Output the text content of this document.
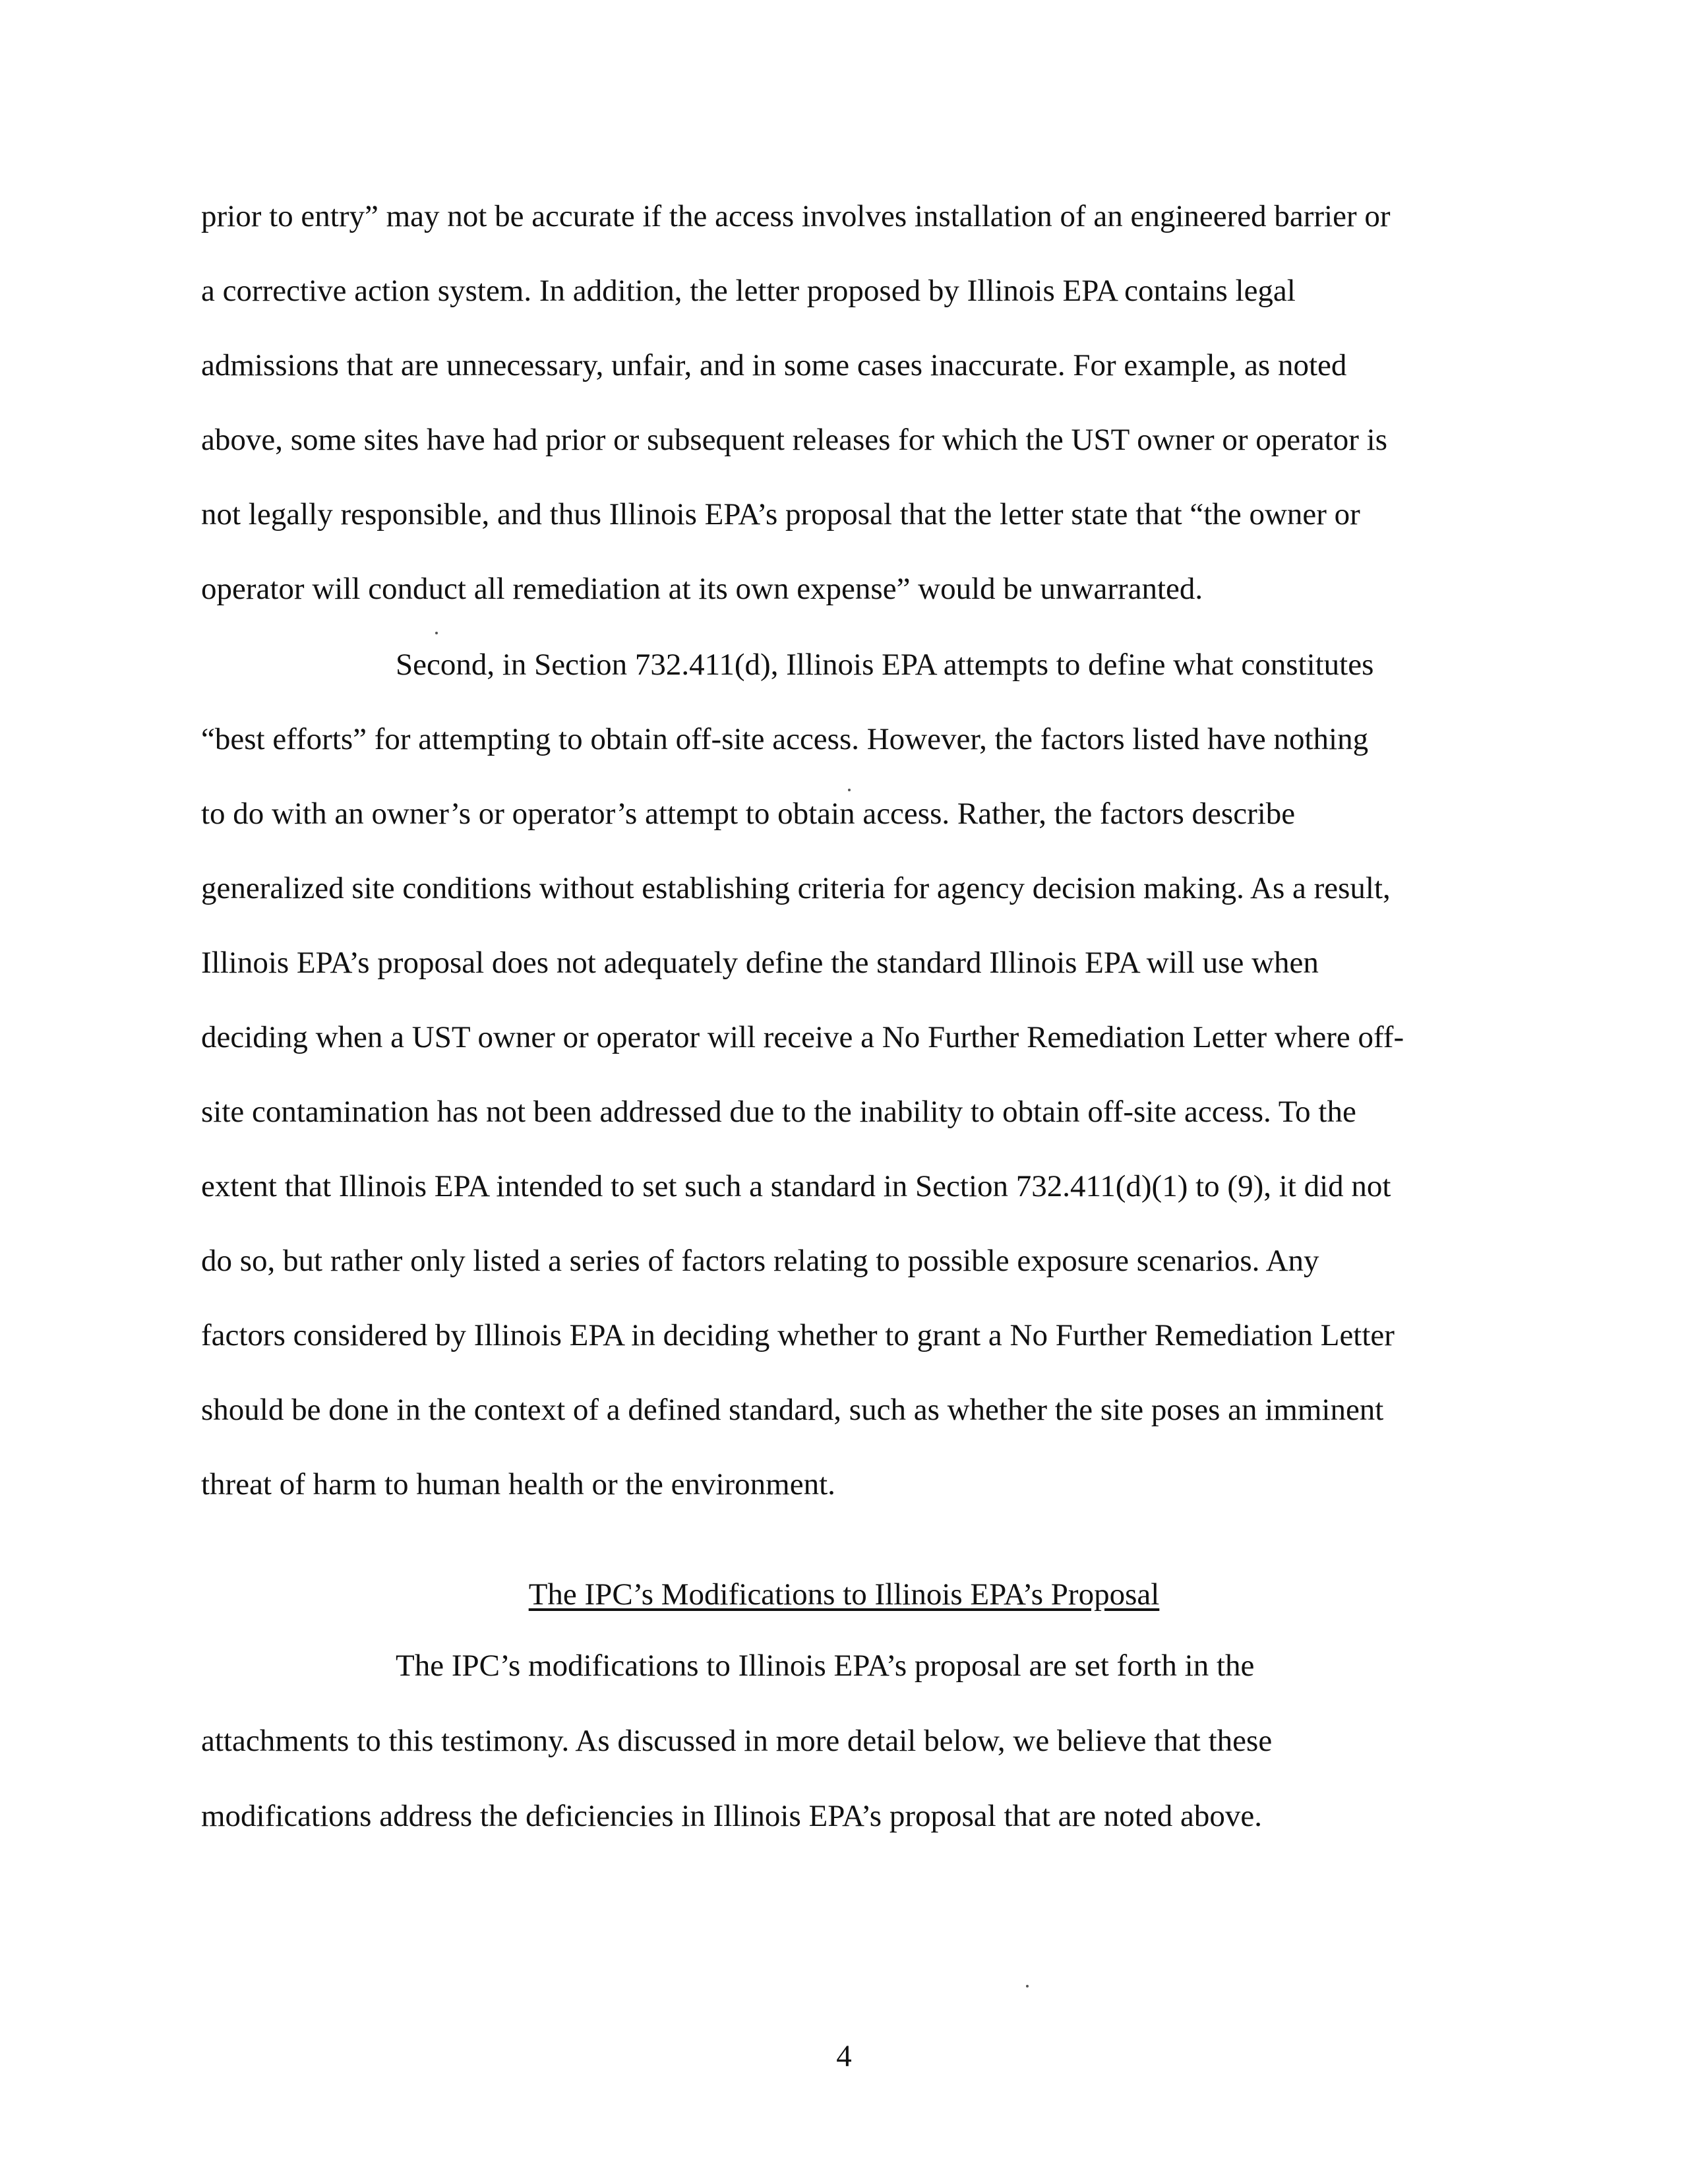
prior to entry” may not be accurate if the access involves installation of an engineered barrier or

a corrective action system. In addition, the letter proposed by Illinois EPA contains legal

admissions that are unnecessary, unfair, and in some cases inaccurate. For example, as noted

above, some sites have had prior or subsequent releases for which the UST owner or operator is

not legally responsible, and thus Illinois EPA’s proposal that the letter state that “the owner or

operator will conduct all remediation at its own expense” would be unwarranted.

Second, in Section 732.411(d), Illinois EPA attempts to define what constitutes

“best efforts” for attempting to obtain off-site access. However, the factors listed have nothing

to do with an owner’s or operator’s attempt to obtain access. Rather, the factors describe

generalized site conditions without establishing criteria for agency decision making. As a result,

Illinois EPA’s proposal does not adequately define the standard Illinois EPA will use when

deciding when a UST owner or operator will receive a No Further Remediation Letter where off-

site contamination has not been addressed due to the inability to obtain off-site access. To the

extent that Illinois EPA intended to set such a standard in Section 732.411(d)(1) to (9), it did not

do so, but rather only listed a series of factors relating to possible exposure scenarios. Any

factors considered by Illinois EPA in deciding whether to grant a No Further Remediation Letter

should be done in the context of a defined standard, such as whether the site poses an imminent

threat of harm to human health or the environment.

The IPC’s Modifications to Illinois EPA’s Proposal

The IPC’s modifications to Illinois EPA’s proposal are set forth in the

attachments to this testimony. As discussed in more detail below, we believe that these

modifications address the deficiencies in Illinois EPA’s proposal that are noted above.

4
